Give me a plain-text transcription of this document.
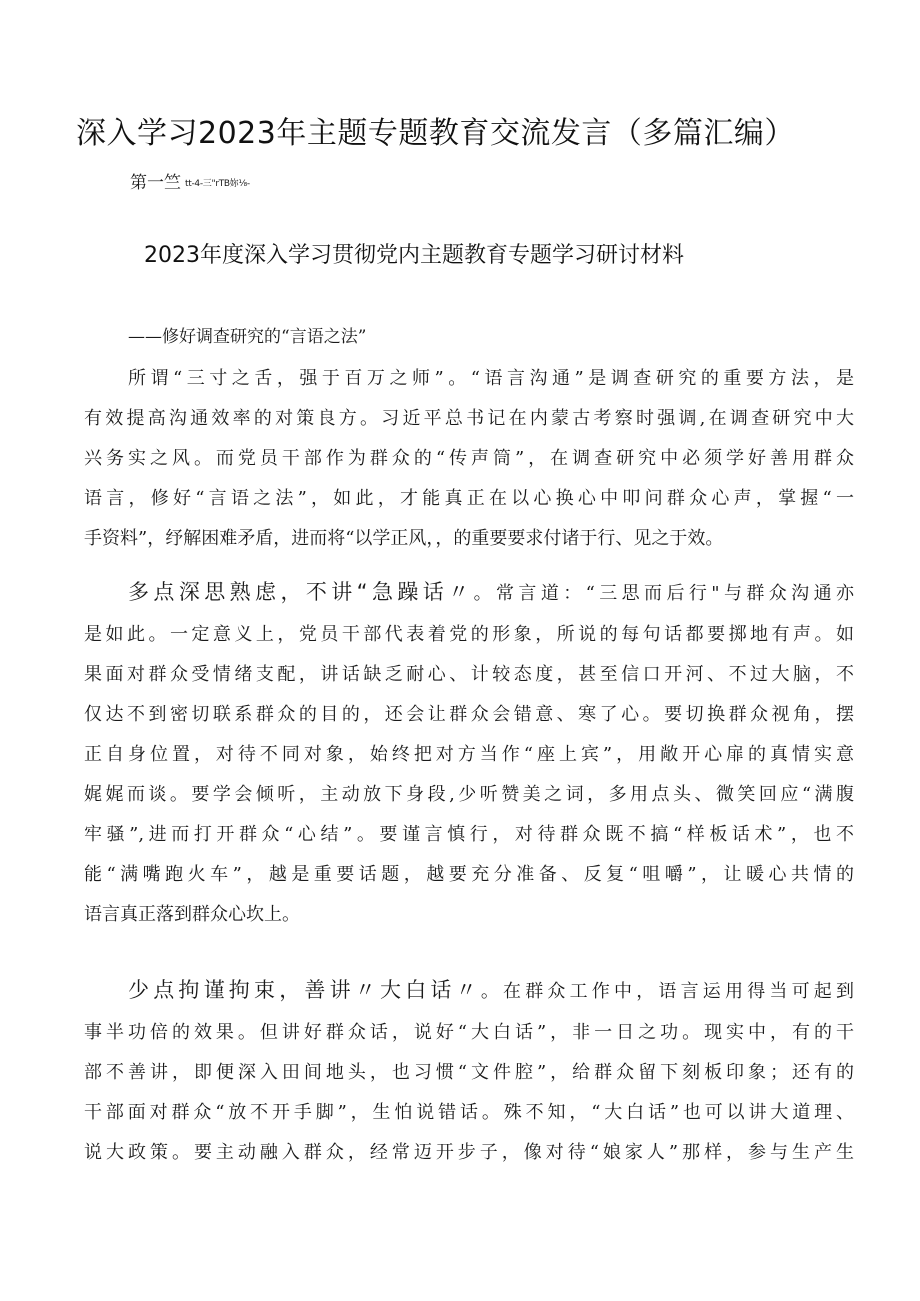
深入学习2023年主题专题教育交流发言（多篇汇编）
第一竺 tt-4-三"rTB妳⅛-
2023年度深入学习贯彻党内主题教育专题学习研讨材料
——修好调查研究的“言语之法”

所谓“三寸之舌，强于百万之师”。“语言沟通”是调查研究的重要方法，是

有效提高沟通效率的对策良方。习近平总书记在内蒙古考察时强调,在调查研究中大

兴务实之风。而党员干部作为群众的“传声筒”，在调查研究中必须学好善用群众

语言，修好“言语之法”，如此，才能真正在以心换心中叩问群众心声，掌握“一

手资料”，纾解困难矛盾，进而将“以学正风，，的重要要求付诸于行、见之于效。

多点深思熟虑，不讲“急躁话〃。常言道：“三思而后行"与群众沟通亦

是如此。一定意义上，党员干部代表着党的形象，所说的每句话都要掷地有声。如

果面对群众受情绪支配，讲话缺乏耐心、计较态度，甚至信口开河、不过大脑，不

仅达不到密切联系群众的目的，还会让群众会错意、寒了心。要切换群众视角，摆

正自身位置，对待不同对象，始终把对方当作“座上宾”，用敞开心扉的真情实意

娓娓而谈。要学会倾听，主动放下身段,少听赞美之词，多用点头、微笑回应“满腹

牢骚”,进而打开群众“心结”。要谨言慎行，对待群众既不搞“样板话术”，也不

能“满嘴跑火车”，越是重要话题，越要充分准备、反复“咀嚼”，让暖心共情的

语言真正落到群众心坎上。

少点拘谨拘束，善讲〃大白话〃。在群众工作中，语言运用得当可起到

事半功倍的效果。但讲好群众话，说好“大白话”，非一日之功。现实中，有的干

部不善讲，即便深入田间地头，也习惯“文件腔”，给群众留下刻板印象；还有的

干部面对群众“放不开手脚”，生怕说错话。殊不知，“大白话”也可以讲大道理、

说大政策。要主动融入群众，经常迈开步子，像对待“娘家人”那样，参与生产生
